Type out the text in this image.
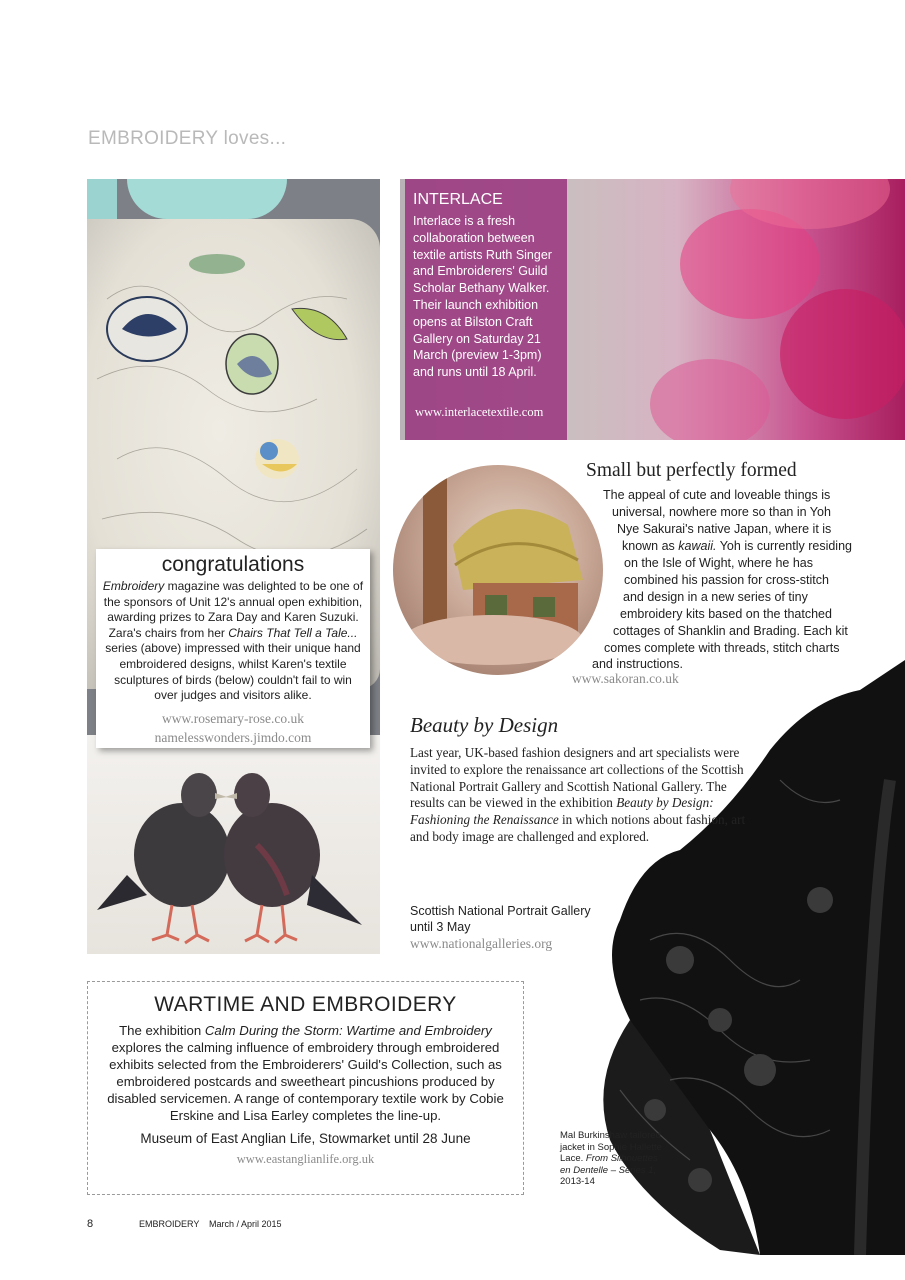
EMBROIDERY loves...
congratulations

Embroidery magazine was delighted to be one of the sponsors of Unit 12's annual open exhibition, awarding prizes to Zara Day and Karen Suzuki. Zara's chairs from her Chairs That Tell a Tale... series (above) impressed with their unique hand embroidered designs, whilst Karen's textile sculptures of birds (below) couldn't fail to win over judges and visitors alike.

www.rosemary-rose.co.uk
namelesswonders.jimdo.com
INTERLACE
Interlace is a fresh collaboration between textile artists Ruth Singer and Embroiderers' Guild Scholar Bethany Walker. Their launch exhibition opens at Bilston Craft Gallery on Saturday 21 March (preview 1-3pm) and runs until 18 April.
www.interlacetextile.com
Small but perfectly formed
The appeal of cute and loveable things is
universal, nowhere more so than in Yoh
Nye Sakurai's native Japan, where it is
known as kawaii. Yoh is currently residing
on the Isle of Wight, where he has
combined his passion for cross-stitch
and design in a new series of tiny
embroidery kits based on the thatched
cottages of Shanklin and Brading. Each kit
comes complete with threads, stitch charts
and instructions.
www.sakoran.co.uk
Beauty by Design
Last year, UK-based fashion designers and art specialists were invited to explore the renaissance art collections of the Scottish National Portrait Gallery and Scottish National Gallery. The results can be viewed in the exhibition Beauty by Design: Fashioning the Renaissance in which notions about fashion, art and body image are challenged and explored.
Scottish National Portrait Gallery until 3 May
www.nationalgalleries.org
Mal Burkinshaw tailored jacket in Sophie Hallette Lace. From Silhouettes en Dentelle – Series 1, 2013-14
WARTIME AND EMBROIDERY

The exhibition Calm During the Storm: Wartime and Embroidery explores the calming influence of embroidery through embroidered exhibits selected from the Embroiderers' Guild's Collection, such as embroidered postcards and sweetheart pincushions produced by disabled servicemen. A range of contemporary textile work by Cobie Erskine and Lisa Earley completes the line-up.

Museum of East Anglian Life, Stowmarket until 28 June

www.eastanglianlife.org.uk

8	EMBROIDERY March / April 2015
